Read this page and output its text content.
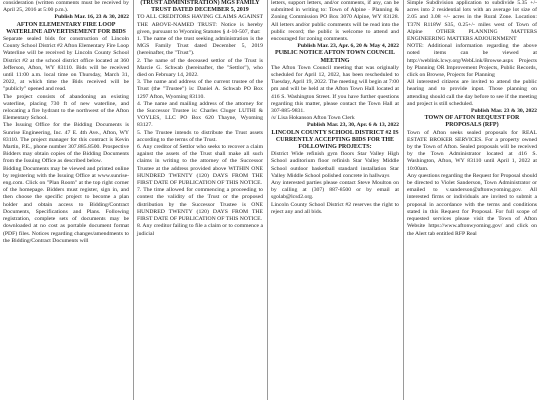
consideration (written comments must be received by April 25, 2016 at 5:00 p.m.).

Publish Mar. 16, 23 & 30, 2022

AFTON ELEMENTARY FIRE LOOP WATERLINE ADVERTISEMENT FOR BIDS

Separate sealed bids for construction of Lincoln County School District #2 Afton Elementary Fire Loop Waterline will be received by Lincoln County School District #2 at the school district office located at 360 Jefferson, Afton, WY 83110. Bids will be received until 11:00 a.m. local time on Thursday, March 31, 2022, at which time the Bids received will be "publicly" opened and read.

The project consists of abandoning an existing waterline, placing 730 ft of new waterline, and relocating a fire hydrant to the northwest of the Afton Elementary School.

The Issuing Office for the Bidding Documents is Sunrise Engineering, Inc. 47 E. 4th Ave., Afton, WY 83110. The project manager for this contract is Kevin Martin, P.E., phone number 307.885.8500. Prospective Bidders may obtain copies of the Bidding Documents from the Issuing Office as described below.

Bidding Documents may be viewed and printed online by registering with the Issuing Office at www.sunrise-eng.com. Click on "Plan Room" at the top right corner of the homepage. Bidders must register, sign in, and then choose the specific project to become a plan holder and obtain access to Bidding/Contract Documents, Specifications and Plans. Following registration, complete sets of documents may be downloaded at no cost as portable document format (PDF) files. Notices regarding changes/amendments to the Bidding/Contract Documents will

(TRUST ADMINISTRATION) MGS FAMILY TRUST DATED DECEMBER 5, 2019

TO ALL CREDITORS HAVING CLAIMS AGAINST THE ABOVE-NAMED TRUST: Notice is hereby given, pursuant to Wyoming Statutes § 4-10-507, that:

1. The name of the trust seeking administration is the MGS Family Trust dated December 5, 2019 (hereinafter, the "Trust").

2. The name of the deceased settlor of the Trust is Marcie G. Schwab (hereinafter, the "Settlor"), who died on February 14, 2022.

3. The name and address of the current trustee of the Trust (the "Trustee") is: Daniel A. Schwab PO Box 1297 Afton, Wyoming 83110.

4. The name and mailing address of the attorney for the Successor Trustee is: Charles Cluger LUTHI & VOYLES, LLC PO Box 620 Thayne, Wyoming 83127.

5. The Trustee intends to distribute the Trust assets according to the terms of the Trust.

6. Any creditor of Settlor who seeks to recover a claim against the assets of the Trust shall make all such claims in writing to the attorney of the Successor Trustee at the address provided above WITHIN ONE HUNDRED TWENTY (120) DAYS FROM THE FIRST DATE OF PUBLICATION OF THIS NOTICE.

7. The time allowed for commencing a proceeding to contest the validity of the Trust or the proposed distribution by the Successor Trustee is ONE HUNDRED TWENTY (120) DAYS FROM THE FIRST DATE OF PUBLICATION OF THIS NOTICE.

8. Any creditor failing to file a claim or to commence a judicial

letters, support letters, and/or comments, if any, can be submitted in writing to: Town of Alpine · Planning & Zoning Commission PO Box 3070 Alpine, WY 83128. All letters and/or public comments will be read into the public record; the public is welcome to attend and encouraged for zoning comments.

Publish Mar. 23, Apr. 6, 20 & May 4, 2022

PUBLIC NOTICE AFTON TOWN COUNCIL MEETING

The Afton Town Council meeting that was originally scheduled for April 12, 2022, has been rescheduled to Tuesday, April 19, 2022. The meeting will begin at 7:00 pm and will be held at the Afton Town Hall located at 416 S. Washington Street. If you have further questions regarding this matter, please contact the Town Hall at 307-885-9831.

/s/ Lisa Hokanson Afton Town Clerk

Publish Mar. 23, 30, Apr. 6 & 13, 2022

LINCOLN COUNTY SCHOOL DISTRICT #2 IS CURRENTLY ACCEPTING BIDS FOR THE FOLLOWING PROJECTS:

District Wide refinish gym floors Star Valley High School auditorium floor refinish Star Valley Middle School outdoor basketball standard installation Star Valley Middle School polished concrete in hallways

Any interested parties please contact Steve Moulton on by calling at (307) 887-8500 or by email at sgolab@lcsd2.org.

Lincoln County School District #2 reserves the right to reject any and all bids.

Simple Subdivision application to subdivide 5.35 +/- acres into 2 residential lots with an average lot size of 2.05 and 3.08 +/- acres in the Rural Zone. Location: T37N R118W S35, 0.25+/- miles west of Town of Alpine OTHER PLANNING MATTERS ENGINEERING MATTERS ADJOURNMENT

NOTE: Additional information regarding the above noted items can be viewed at http://weblink.lcwy.org/WebLink/Browse.aspx Projects by Planning OR Improvement Projects, Public Records, click on Browse, Projects for Planning

All interested citizens are invited to attend the public hearing and to provide input. Those planning on attending should call the day before to see if the meeting and project is still scheduled.

Publish Mar. 23 & 30, 2022

TOWN OF AFTON REQUEST FOR PROPOSALS (RFP)

Town of Afton seeks sealed proposals for REAL ESTATE BROKER SERVICES. For a property owned by the Town of Afton. Sealed proposals will be received by the Town Administrator located at 416 S. Washington, Afton, WY 83110 until April 1, 2022 at 10:00am.

Any questions regarding the Request for Proposal should be directed to Violet Sanderson, Town Administrator or emailed to v.sanderson@aftonwyoming.gov. All interested firms or individuals are invited to submit a proposal in accordance with the terms and conditions stated in this Request for Proposal. For full scope of requested services please visit the Town of Afton Website https://www.aftonwyoming.gov/ and click on the Alert tab entitled RFP Real
